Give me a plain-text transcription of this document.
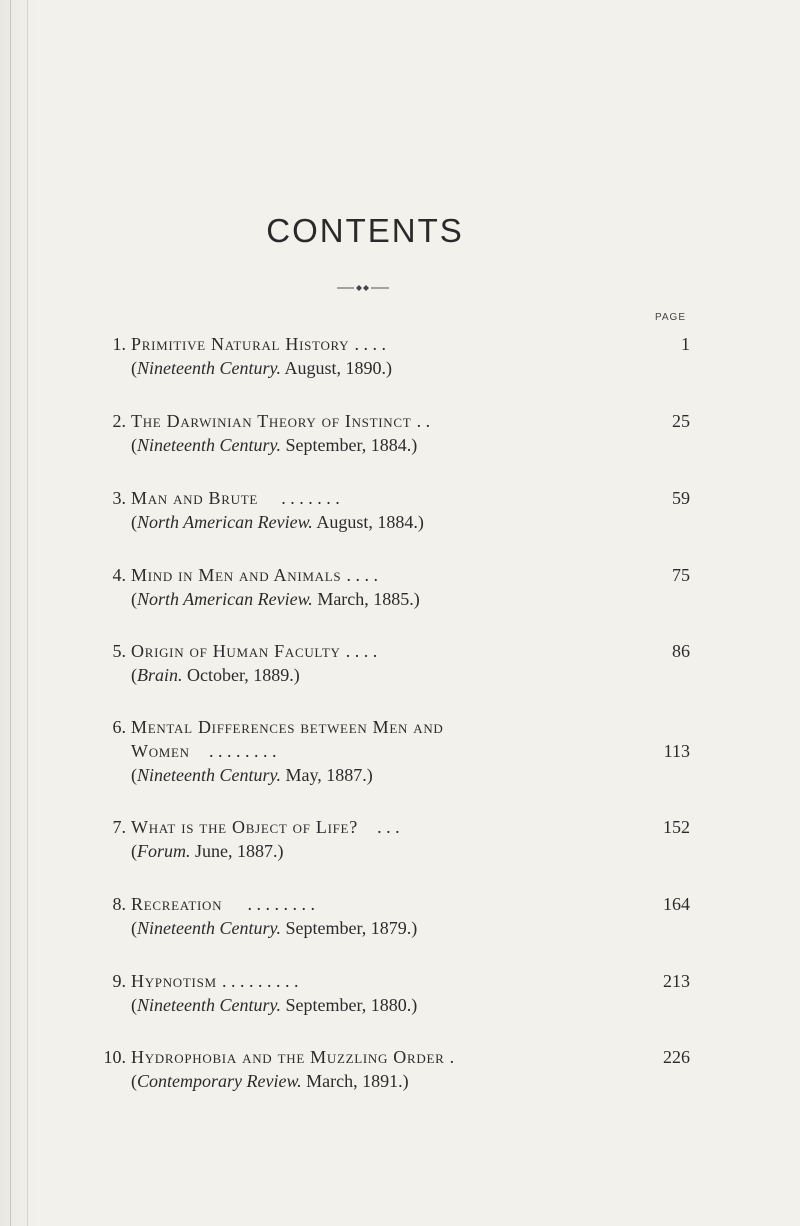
CONTENTS
PAGE
1. Primitive Natural History . . . .	1
(Nineteenth Century. August, 1890.)
2. The Darwinian Theory of Instinct . .	25
(Nineteenth Century. September, 1884.)
3. Man and Brute . . . . . . .	59
(North American Review. August, 1884.)
4. Mind in Men and Animals . . . .	75
(North American Review. March, 1885.)
5. Origin of Human Faculty . . . .	86
(Brain. October, 1889.)
6. Mental Differences between Men and
Women . . . . . . . .	113
(Nineteenth Century. May, 1887.)
7. What is the Object of Life? . . .	152
(Forum. June, 1887.)
8. Recreation . . . . . . . .	164
(Nineteenth Century. September, 1879.)
9. Hypnotism . . . . . . . . .	213
(Nineteenth Century. September, 1880.)
10. Hydrophobia and the Muzzling Order .	226
(Contemporary Review. March, 1891.)
